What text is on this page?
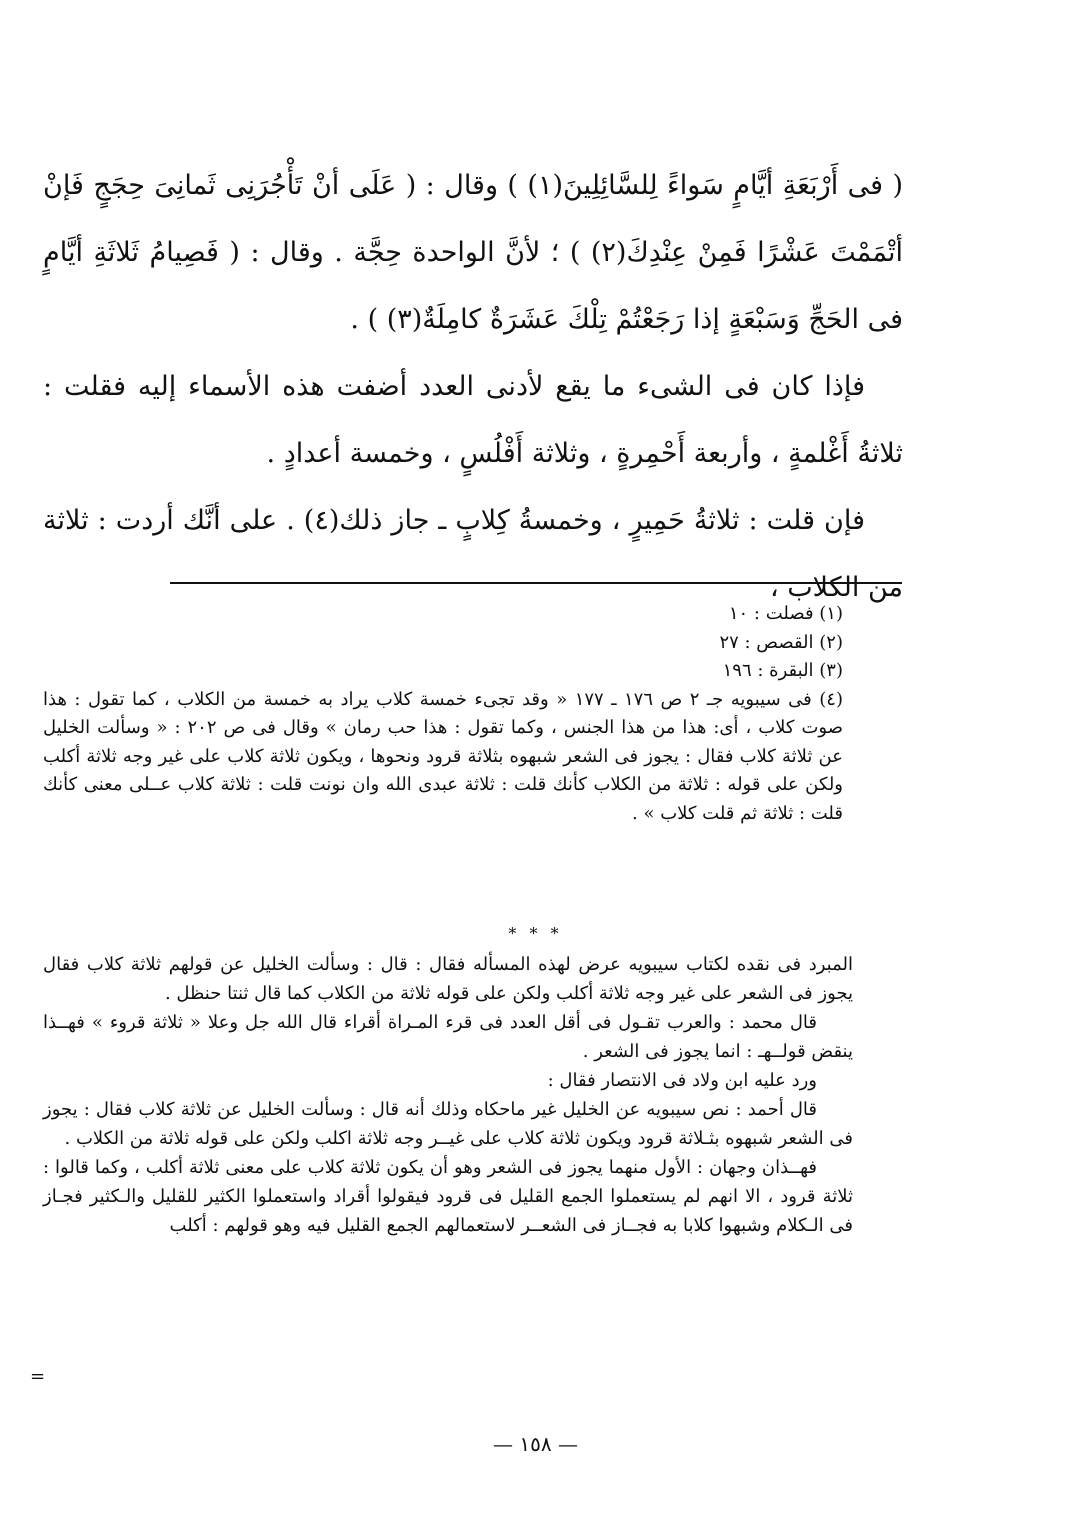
( فى أَرْبَعَةِ أيَّامٍ سَواءً لِلسَّائِلِينَ(١) ) وقال : ( عَلَى أنْ تَأْجُرَنِى ثَمانِىَ حِجَجٍ فَإنْ أتْمَمْتَ عَشْرًا فَمِنْ عِنْدِكَ(٢) ) ؛ لأنَّ الواحدة حِجَّة . وقال : ( فَصِيامُ ثَلاثَةِ أيَّامٍ فى الحَجِّ وَسَبْعَةٍ إذا رَجَعْتُمْ تِلْكَ عَشَرَةٌ كامِلَةٌ(٣) ) .

فإذا كان فى الشىء ما يقع لأدنى العدد أضفت هذه الأسماء إليه فقلت : ثلاثةُ أَغْلمةٍ ، وأربعة أَحْمِرةٍ ، وثلاثة أَفْلُسٍ ، وخمسة أعدادٍ .

فإن قلت : ثلاثةُ حَمِيرٍ ، وخمسةُ كِلابٍ ـ جاز ذلك(٤) . على أنَّك أردت : ثلاثة من الكلاب ،

(١) فصلت : ١٠

(٢) القصص : ٢٧

(٣) البقرة : ١٩٦

(٤) فى سيبويه جـ ٢ ص ١٧٦ ـ ١٧٧ « وقد تجىء خمسة كلاب يراد به خمسة من الكلاب ، كما تقول : هذا صوت كلاب ، أى: هذا من هذا الجنس ، وكما تقول : هذا حب رمان » وقال فى ص ٢٠٢ : « وسألت الخليل عن ثلاثة كلاب فقال : يجوز فى الشعر شبهوه بثلاثة قرود ونحوها ، ويكون ثلاثة كلاب على غير وجه ثلاثة أكلب ولكن على قوله : ثلاثة من الكلاب كأنك قلت : ثلاثة عبدى الله وان نونت قلت : ثلاثة كلاب عــلى معنى كأنك قلت : ثلاثة ثم قلت كلاب » .

* * *

المبرد فى نقده لكتاب سيبويه عرض لهذه المسأله فقال : قال : وسألت الخليل عن قولهم ثلاثة كلاب فقال يجوز فى الشعر على غير وجه ثلاثة أكلب ولكن على قوله ثلاثة من الكلاب كما قال ثنتا حنظل .

قال محمد : والعرب تقـول فى أقل العدد فى قرء المـراة أقراء قال الله جل وعلا « ثلاثة قروء » فهــذا ينقض قولــهـ : انما يجوز فى الشعر .

ورد عليه ابن ولاد فى الانتصار فقال :

قال أحمد : نص سيبويه عن الخليل غير ماحكاه وذلك أنه قال : وسألت الخليل عن ثلاثة كلاب فقال : يجوز فى الشعر شبهوه بثـلاثة قرود ويكون ثلاثة كلاب على غيــر وجه ثلاثة اكلب ولكن على قوله ثلاثة من الكلاب .

فهــذان وجهان : الأول منهما يجوز فى الشعر وهو أن يكون ثلاثة كلاب على معنى ثلاثة أكلب ، وكما قالوا : ثلاثة قرود ، الا انهم لم يستعملوا الجمع القليل فى قرود فيقولوا أقراد واستعملوا الكثير للقليل والـكثير فجـاز فى الـكلام وشبهوا كلابا به فجــاز فى الشعــر لاستعمالهم الجمع القليل فيه وهو قولهم : أكلب

=
— ١٥٨ —
